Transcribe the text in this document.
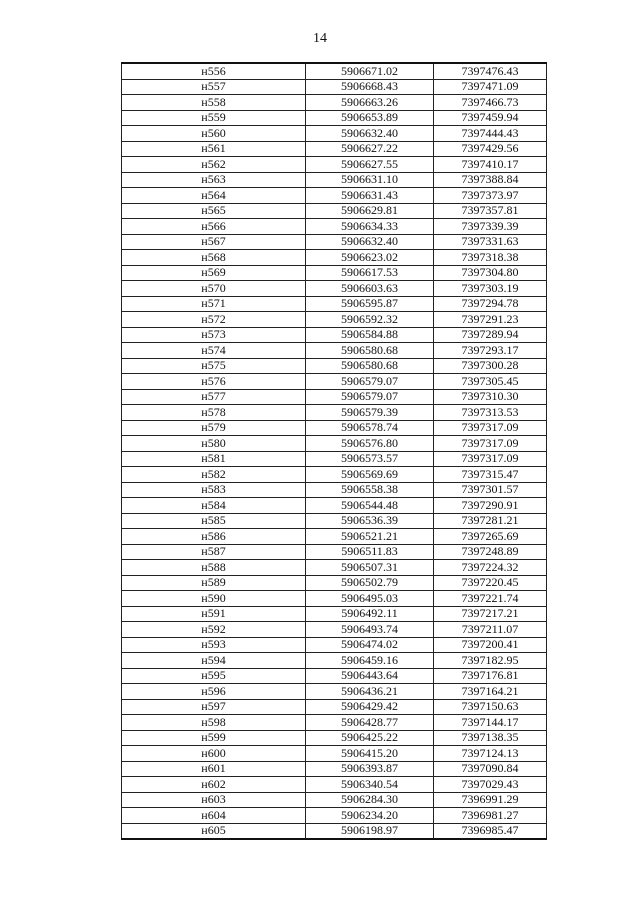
14
н556	5906671.02	7397476.43
н557	5906668.43	7397471.09
н558	5906663.26	7397466.73
н559	5906653.89	7397459.94
н560	5906632.40	7397444.43
н561	5906627.22	7397429.56
н562	5906627.55	7397410.17
н563	5906631.10	7397388.84
н564	5906631.43	7397373.97
н565	5906629.81	7397357.81
н566	5906634.33	7397339.39
н567	5906632.40	7397331.63
н568	5906623.02	7397318.38
н569	5906617.53	7397304.80
н570	5906603.63	7397303.19
н571	5906595.87	7397294.78
н572	5906592.32	7397291.23
н573	5906584.88	7397289.94
н574	5906580.68	7397293.17
н575	5906580.68	7397300.28
н576	5906579.07	7397305.45
н577	5906579.07	7397310.30
н578	5906579.39	7397313.53
н579	5906578.74	7397317.09
н580	5906576.80	7397317.09
н581	5906573.57	7397317.09
н582	5906569.69	7397315.47
н583	5906558.38	7397301.57
н584	5906544.48	7397290.91
н585	5906536.39	7397281.21
н586	5906521.21	7397265.69
н587	5906511.83	7397248.89
н588	5906507.31	7397224.32
н589	5906502.79	7397220.45
н590	5906495.03	7397221.74
н591	5906492.11	7397217.21
н592	5906493.74	7397211.07
н593	5906474.02	7397200.41
н594	5906459.16	7397182.95
н595	5906443.64	7397176.81
н596	5906436.21	7397164.21
н597	5906429.42	7397150.63
н598	5906428.77	7397144.17
н599	5906425.22	7397138.35
н600	5906415.20	7397124.13
н601	5906393.87	7397090.84
н602	5906340.54	7397029.43
н603	5906284.30	7396991.29
н604	5906234.20	7396981.27
н605	5906198.97	7396985.47
